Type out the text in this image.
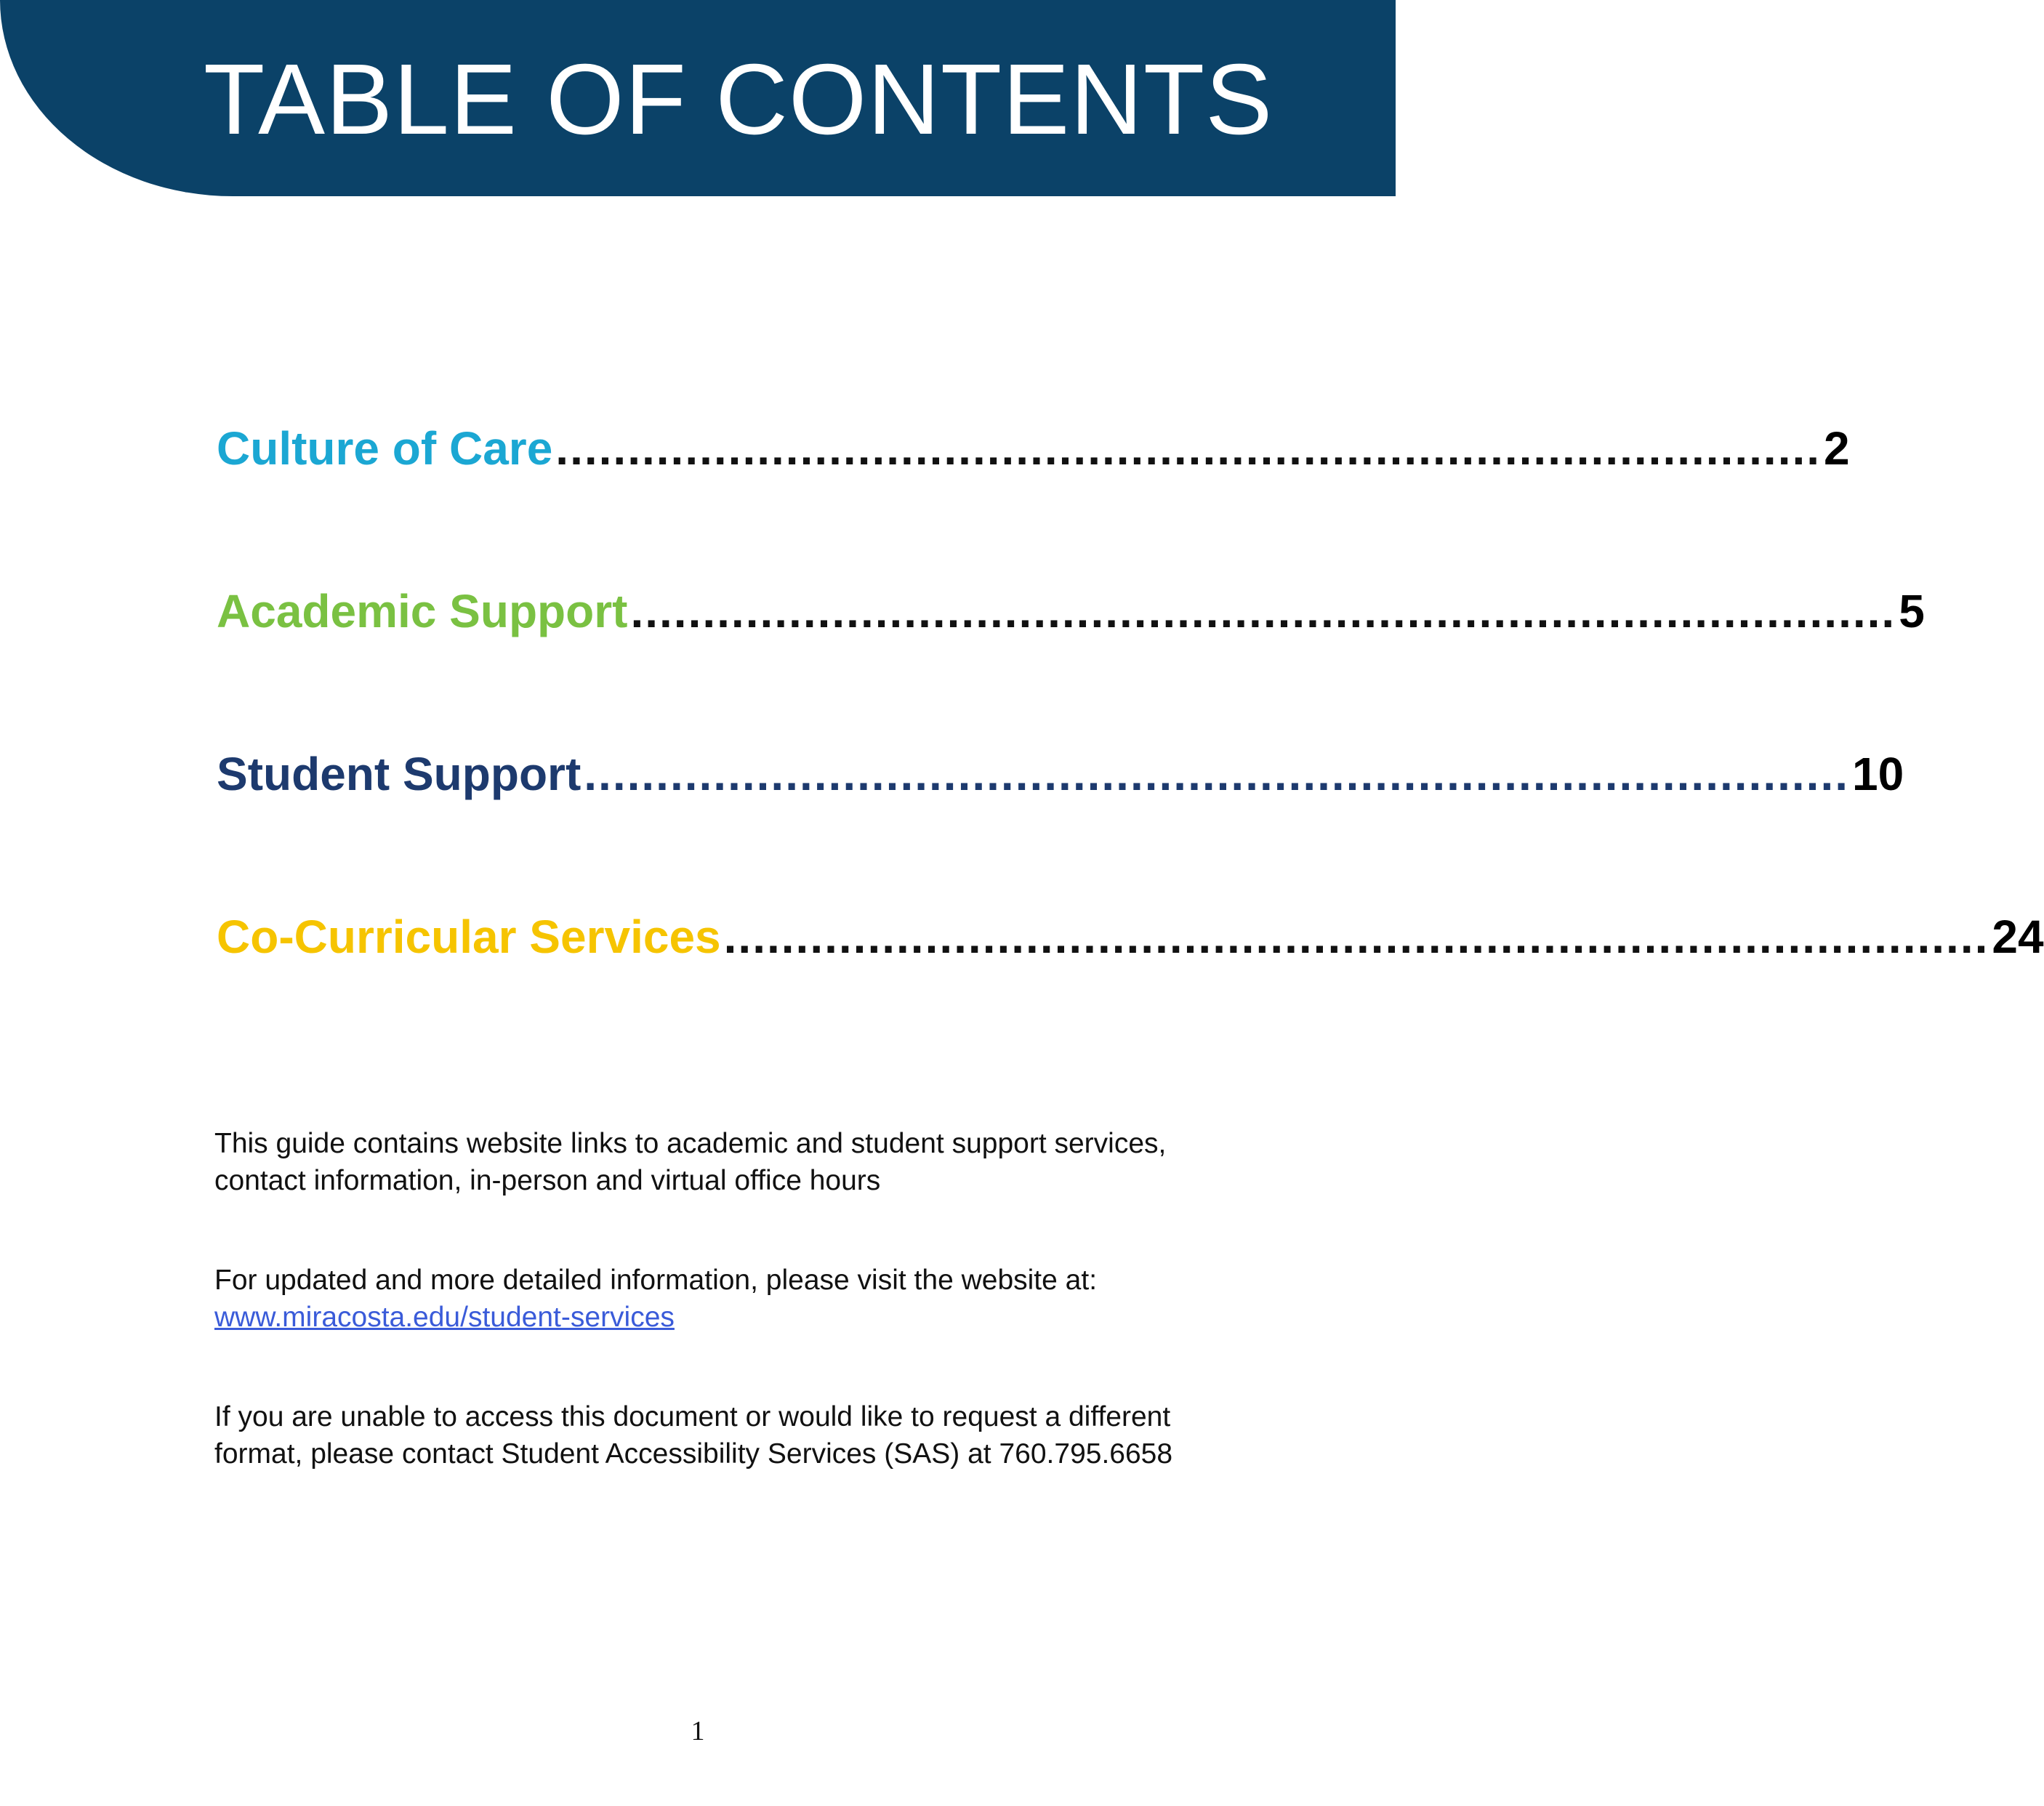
TABLE OF CONTENTS
Culture of Care ........................................................................................ 2
Academic Support ........................................................................................ 5
Student Support ........................................................................................ 10
Co-Curricular Services ........................................................................................ 24

This guide contains website links to academic and student support services, contact information, in-person and virtual office hours

For updated and more detailed information, please visit the website at: www.miracosta.edu/student-services

If you are unable to access this document or would like to request a different format, please contact Student Accessibility Services (SAS) at 760.795.6658

1
